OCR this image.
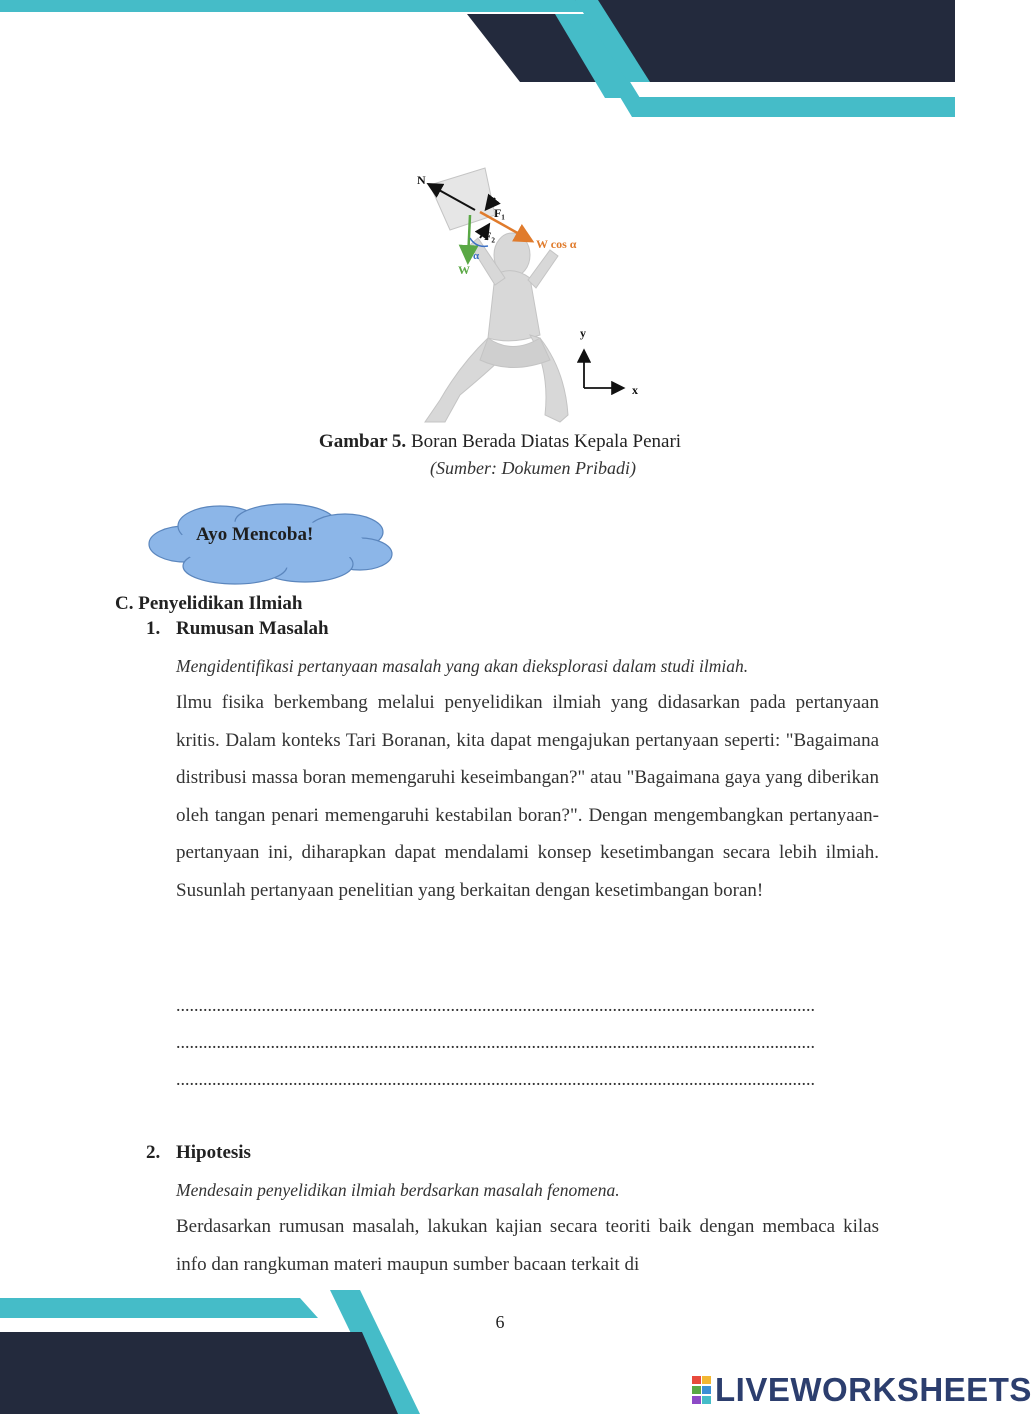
N
F₁
F₂
W cos α
W
α
y
x
Gambar 5. Boran Berada Diatas Kepala Penari
(Sumber: Dokumen Pribadi)
Ayo Mencoba!
C. Penyelidikan Ilmiah
1. Rumusan Masalah
Mengidentifikasi pertanyaan masalah yang akan dieksplorasi dalam studi ilmiah.
Ilmu fisika berkembang melalui penyelidikan ilmiah yang didasarkan pada pertanyaan kritis. Dalam konteks Tari Boranan, kita dapat mengajukan pertanyaan seperti: "Bagaimana distribusi massa boran memengaruhi keseimbangan?" atau "Bagaimana gaya yang diberikan oleh tangan penari memengaruhi kestabilan boran?". Dengan mengembangkan pertanyaan-pertanyaan ini, diharapkan dapat mendalami konsep kesetimbangan secara lebih ilmiah. Susunlah pertanyaan penelitian yang berkaitan dengan kesetimbangan boran!
..............................................................................................................................................
..............................................................................................................................................
..............................................................................................................................................
2. Hipotesis
Mendesain penyelidikan ilmiah berdsarkan masalah fenomena.
Berdasarkan rumusan masalah, lakukan kajian secara teoriti baik dengan membaca kilas info dan rangkuman materi maupun sumber bacaan terkait di
6
LIVEWORKSHEETS
